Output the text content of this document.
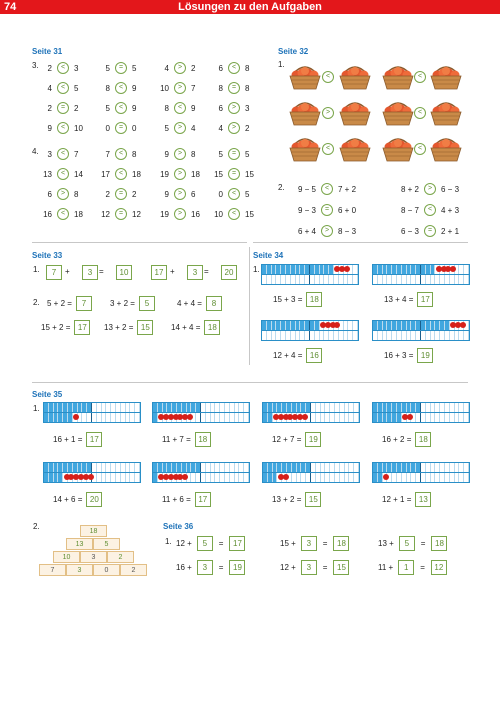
74	Lösungen zu den Aufgaben
Seite 31
3.	2	<	3	5	=	5	4	>	2	6	<	8
4	<	5	8	<	9	10	>	7	8	=	8
2	=	2	5	<	9	8	<	9	6	>	3
9	<	10	0	=	0	5	>	4	4	>	2
4.	3	<	7	7	<	8	9	>	8	5	=	5
13	<	14	17	<	18	19	>	18	15	=	15
6	>	8	2	=	2	9	>	6	0	<	5
16	<	18	12	=	12	19	>	16	10	<	15
Seite 32
1.
<	<
>	<
<	<
2.	9 − 5	<	7 + 2	8 + 2	>	6 − 3
9 − 3	=	6 + 0	8 − 7	<	4 + 3
6 + 4	>	8 − 3	6 − 3	=	2 + 1
Seite 33
1.	7	+	3 =	10	17 +	3 =	20
2. 5 + 2 =	7	3 + 2 =	5	4 + 4 =	8
15 + 2 = 17	13 + 2 = 15	14 + 4 = 18
Seite 34
1.
15 + 3 = 18	13 + 4 = 17
12 + 4 = 16	16 + 3 = 19
Seite 35
1.
16 + 1 = 17	11 + 7 = 18	12 + 7 = 19	16 + 2 = 18
14 + 6 = 20	11 + 6 = 17	13 + 2 = 15	12 + 1 = 13
2.
18
13	5
10	3	2
7	3	0	2
Seite 36
1. 12 +	5	=	17	15 +	3	=	18	13 +	5	=	18
16 +	3	=	19	12 +	3	=	15	11 +	1	=	12
